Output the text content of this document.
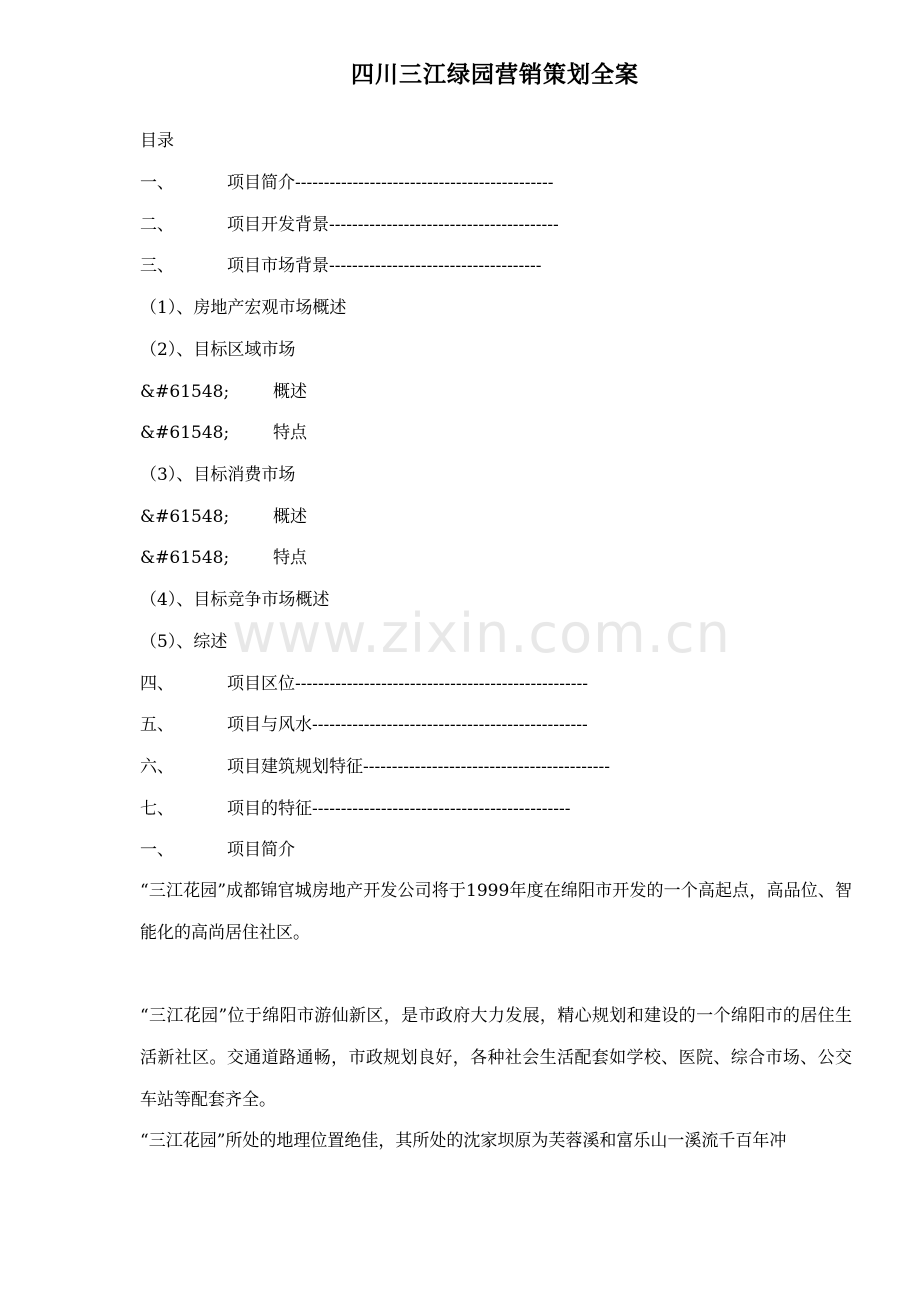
四川三江绿园营销策划全案
目录
一、	项目简介---------------------------------------------
二、	项目开发背景----------------------------------------
三、	项目市场背景-------------------------------------
（1）、房地产宏观市场概述
（2）、目标区域市场
&#61548;	概述
&#61548;	特点
（3）、目标消费市场
&#61548;	概述
&#61548;	特点
（4）、目标竞争市场概述
（5）、综述
四、	项目区位---------------------------------------------------
五、	项目与风水------------------------------------------------
六、	项目建筑规划特征-------------------------------------------
七、	项目的特征---------------------------------------------
一、	项目简介
“三江花园”成都锦官城房地产开发公司将于1999年度在绵阳市开发的一个高起点，高品位、智能化的高尚居住社区。
“三江花园”位于绵阳市游仙新区，是市政府大力发展，精心规划和建设的一个绵阳市的居住生活新社区。交通道路通畅，市政规划良好，各种社会生活配套如学校、医院、综合市场、公交车站等配套齐全。
“三江花园”所处的地理位置绝佳，其所处的沈家坝原为芙蓉溪和富乐山一溪流千百年冲
www.zixin.com.cn
